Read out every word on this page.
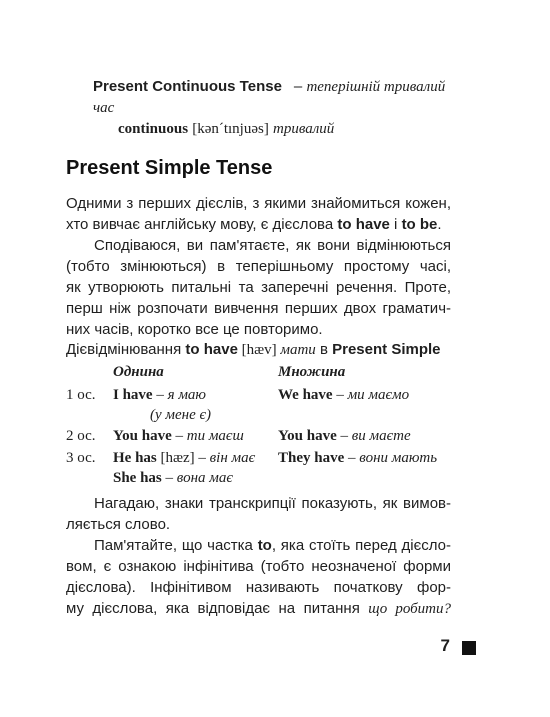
Present Continuous Tense – теперішній тривалий
час
continuous [kən´tınjuəs] тривалий
Present Simple Tense
Одними з перших дієслів, з якими знайомиться кожен,
хто вивчає англійську мову, є дієслова to have і to be.
Сподіваюся, ви пам'ятаєте, як вони відмінюються
(тобто змінюються) в теперішньому простому часі,
як утворюють питальні та заперечні речення. Проте,
перш ніж розпочати вивчення перших двох граматич-
них часів, коротко все це повторимо.
Дієвідмінювання to have [hæv] мати в Present Simple
Однина	Множина
1 ос. I have – я маю
(у мене є)
We have – ми маємо
2 ос. You have – ти маєш You have – ви маєте
3 ос. He has [hæz] – він має
She has – вона має
They have – вони мають
Нагадаю, знаки транскрипції показують, як вимов-
ляється слово.
Пам'ятайте, що частка to, яка стоїть перед дієсло-
вом, є ознакою інфінітива (тобто неозначеної форми
дієслова). Інфінітивом називають початкову фор-
му дієслова, яка відповідає на питання що робити?
7
